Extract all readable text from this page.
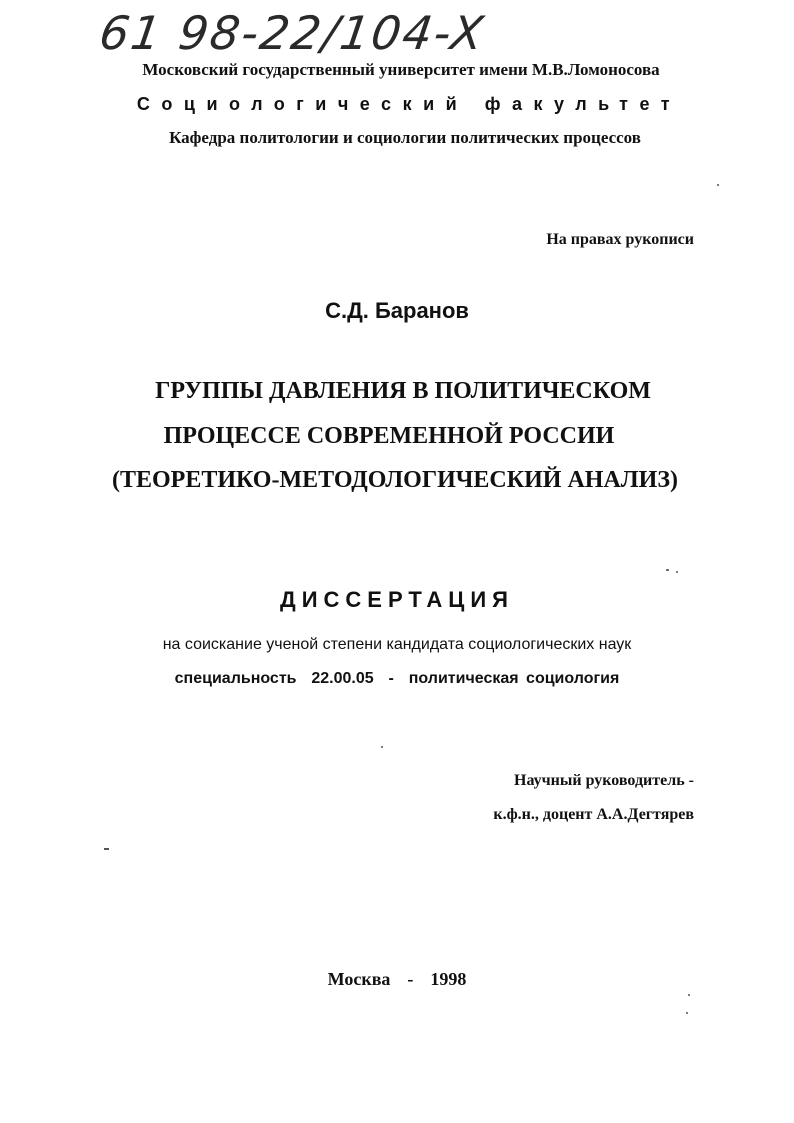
61 98-22/104-X
Московский государственный университет имени М.В.Ломоносова
Социологический факультет
Кафедра политологии и социологии политических процессов
На правах рукописи
С.Д. Баранов
ГРУППЫ ДАВЛЕНИЯ В ПОЛИТИЧЕСКОМ
ПРОЦЕССЕ СОВРЕМЕННОЙ РОССИИ
(ТЕОРЕТИКО-МЕТОДОЛОГИЧЕСКИЙ АНАЛИЗ)
ДИССЕРТАЦИЯ
на соискание ученой степени кандидата социологических наук
специальность  22.00.05  -  политическая социология
Научный руководитель -
к.ф.н., доцент А.А.Дегтярев
Москва  -  1998
